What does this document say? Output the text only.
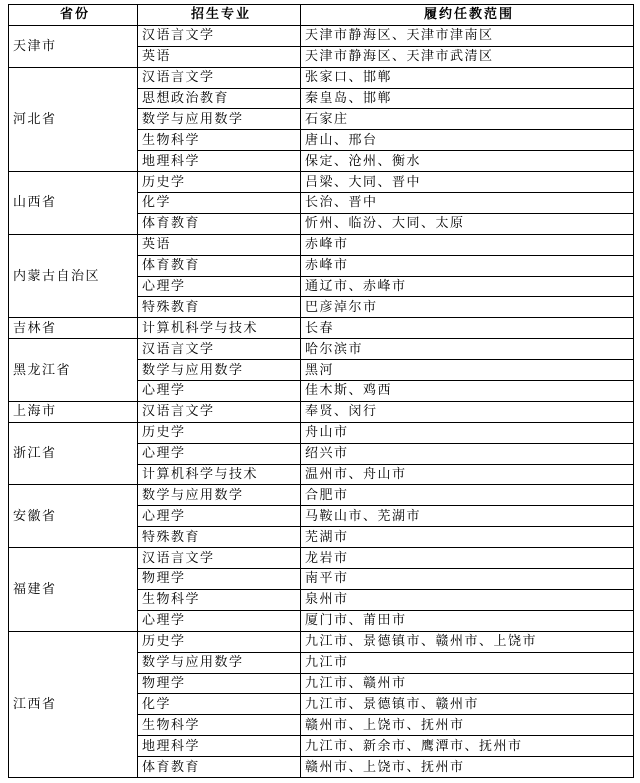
省份	招生专业	履约任教范围
天津市	汉语言文学	天津市静海区、天津市津南区
	英语	天津市静海区、天津市武清区
河北省	汉语言文学	张家口、邯郸
	思想政治教育	秦皇岛、邯郸
	数学与应用数学	石家庄
	生物科学	唐山、邢台
	地理科学	保定、沧州、衡水
山西省	历史学	吕梁、大同、晋中
	化学	长治、晋中
	体育教育	忻州、临汾、大同、太原
内蒙古自治区	英语	赤峰市
	体育教育	赤峰市
	心理学	通辽市、赤峰市
	特殊教育	巴彦淖尔市
吉林省	计算机科学与技术	长春
黑龙江省	汉语言文学	哈尔滨市
	数学与应用数学	黑河
	心理学	佳木斯、鸡西
上海市	汉语言文学	奉贤、闵行
浙江省	历史学	舟山市
	心理学	绍兴市
	计算机科学与技术	温州市、舟山市
安徽省	数学与应用数学	合肥市
	心理学	马鞍山市、芜湖市
	特殊教育	芜湖市
福建省	汉语言文学	龙岩市
	物理学	南平市
	生物科学	泉州市
	心理学	厦门市、莆田市
江西省	历史学	九江市、景德镇市、赣州市、上饶市
	数学与应用数学	九江市
	物理学	九江市、赣州市
	化学	九江市、景德镇市、赣州市
	生物科学	赣州市、上饶市、抚州市
	地理科学	九江市、新余市、鹰潭市、抚州市
	体育教育	赣州市、上饶市、抚州市
